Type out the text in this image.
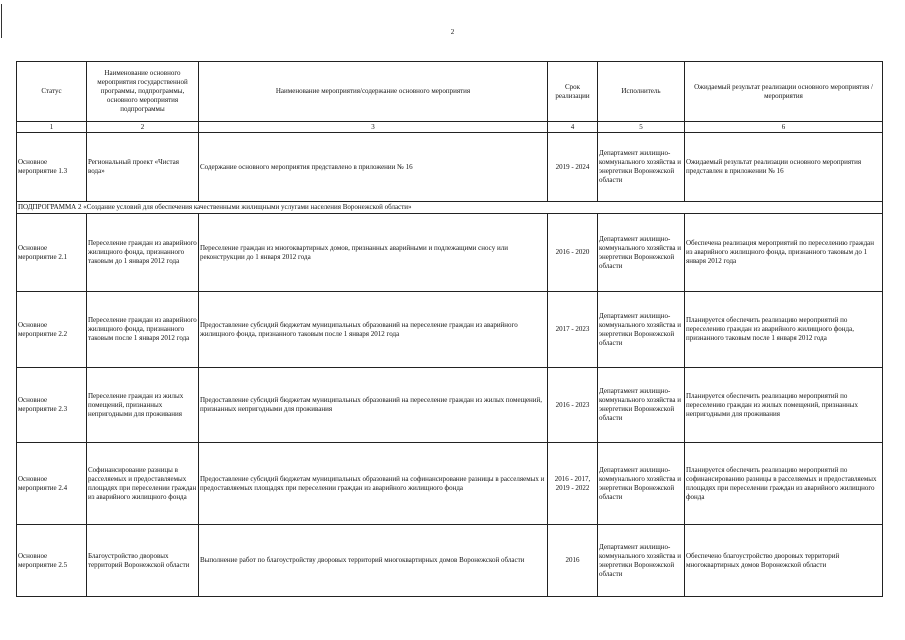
2
Статус	Наименование основного мероприятия государственной программы, подпрограммы, основного мероприятия подпрограммы	Наименование мероприятия/содержание основного мероприятия	Срок реализации	Исполнитель	Ожидаемый результат реализации основного мероприятия /мероприятия
1	2	3	4	5	6
Основное мероприятие 1.3	Региональный проект «Чистая вода»	Содержание основного мероприятия представлено в приложении № 16	2019 - 2024	Департамент жилищно-коммунального хозяйства и энергетики Воронежской области	Ожидаемый результат реализации основного мероприятия представлен в приложении № 16
ПОДПРОГРАММА 2 «Создание условий для обеспечения качественными жилищными услугами населения Воронежской области»					
Основное мероприятие 2.1	Переселение граждан из аварийного жилищного фонда, признанного таковым до 1 января 2012 года	Переселение граждан из многоквартирных домов, признанных аварийными и подлежащими сносу или реконструкции до 1 января 2012 года	2016 - 2020	Департамент жилищно-коммунального хозяйства и энергетики Воронежской области	Обеспечена реализация мероприятий по переселению граждан из аварийного жилищного фонда, признанного таковым до 1 января 2012 года
Основное мероприятие 2.2	Переселение граждан из аварийного жилищного фонда, признанного таковым после 1 января 2012 года	Предоставление субсидий бюджетам муниципальных образований на переселение граждан из аварийного жилищного фонда, признанного таковым после 1 января 2012 года	2017 - 2023	Департамент жилищно-коммунального хозяйства и энергетики Воронежской области	Планируется обеспечить реализацию мероприятий по переселению граждан из аварийного жилищного фонда, признанного таковым после 1 января 2012 года
Основное мероприятие 2.3	Переселение граждан из жилых помещений, признанных непригодными для проживания	Предоставление субсидий бюджетам муниципальных образований на переселение граждан из жилых помещений, признанных непригодными для проживания	2016 - 2023	Департамент жилищно-коммунального хозяйства и энергетики Воронежской области	Планируется обеспечить реализацию мероприятий по переселению граждан из жилых помещений, признанных непригодными для проживания
Основное мероприятие 2.4	Софинансирование разницы в расселяемых и предоставляемых площадях при переселении граждан из аварийного жилищного фонда	Предоставление субсидий бюджетам муниципальных образований на софинансирование разницы в расселяемых и предоставляемых площадях при переселении граждан из аварийного жилищного фонда	2016 - 2017, 2019 - 2022	Департамент жилищно-коммунального хозяйства и энергетики Воронежской области	Планируется обеспечить реализацию мероприятий по софинансированию разницы в расселяемых и предоставляемых площадях при переселении граждан из аварийного жилищного фонда
Основное мероприятие 2.5	Благоустройство дворовых территорий Воронежской области	Выполнение работ по благоустройству дворовых территорий многоквартирных домов Воронежской области	2016	Департамент жилищно-коммунального хозяйства и энергетики Воронежской области	Обеспечено благоустройство дворовых территорий многоквартирных домов Воронежской области
